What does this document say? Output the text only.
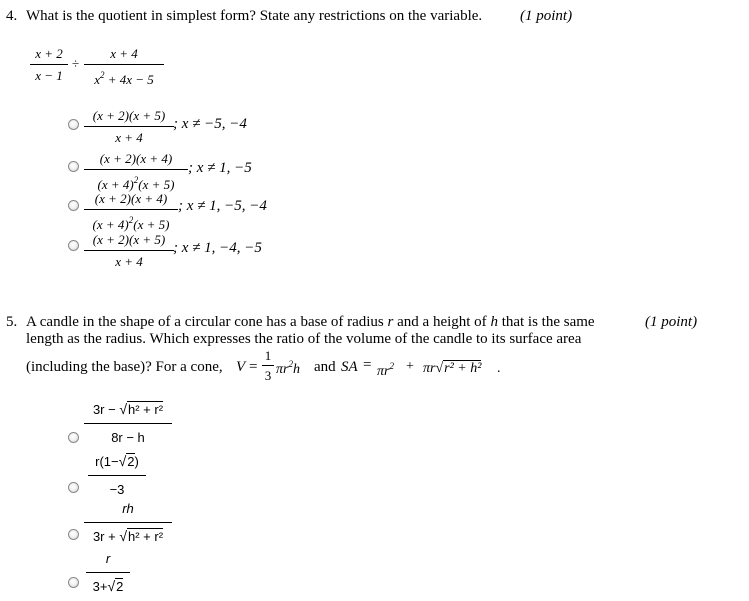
4. What is the quotient in simplest form? State any restrictions on the variable.	(1 point)
x + 2
x − 1
÷
x + 4
$x^2 + 4x - 5$
(x + 2)(x + 5)
x + 4
; x ≠ −5, −4
(x + 2)(x + 4)
$(x + 4)^2(x + 5)$
; x ≠ 1, −5
(x + 2)(x + 4)
$(x + 4)^2(x + 5)$
; x ≠ 1, −5, −4
(x + 2)(x + 5)
x + 4
; x ≠ 1, −4, −5
5. A candle in the shape of a circular cone has a base of radius r and a height of h that is the same	(1 point)
length as the radius. Which expresses the ratio of the volume of the candle to its surface area
(including the base)? For a cone, V =
1
3 $\pi r^2h$ and SA = $\pi r^2 + \pi r√r^2 + h^2$ .
3r − √h² + r²
8r − h
r(1−√2)
−3
rh
3r + √h² + r²
r
3+√2
